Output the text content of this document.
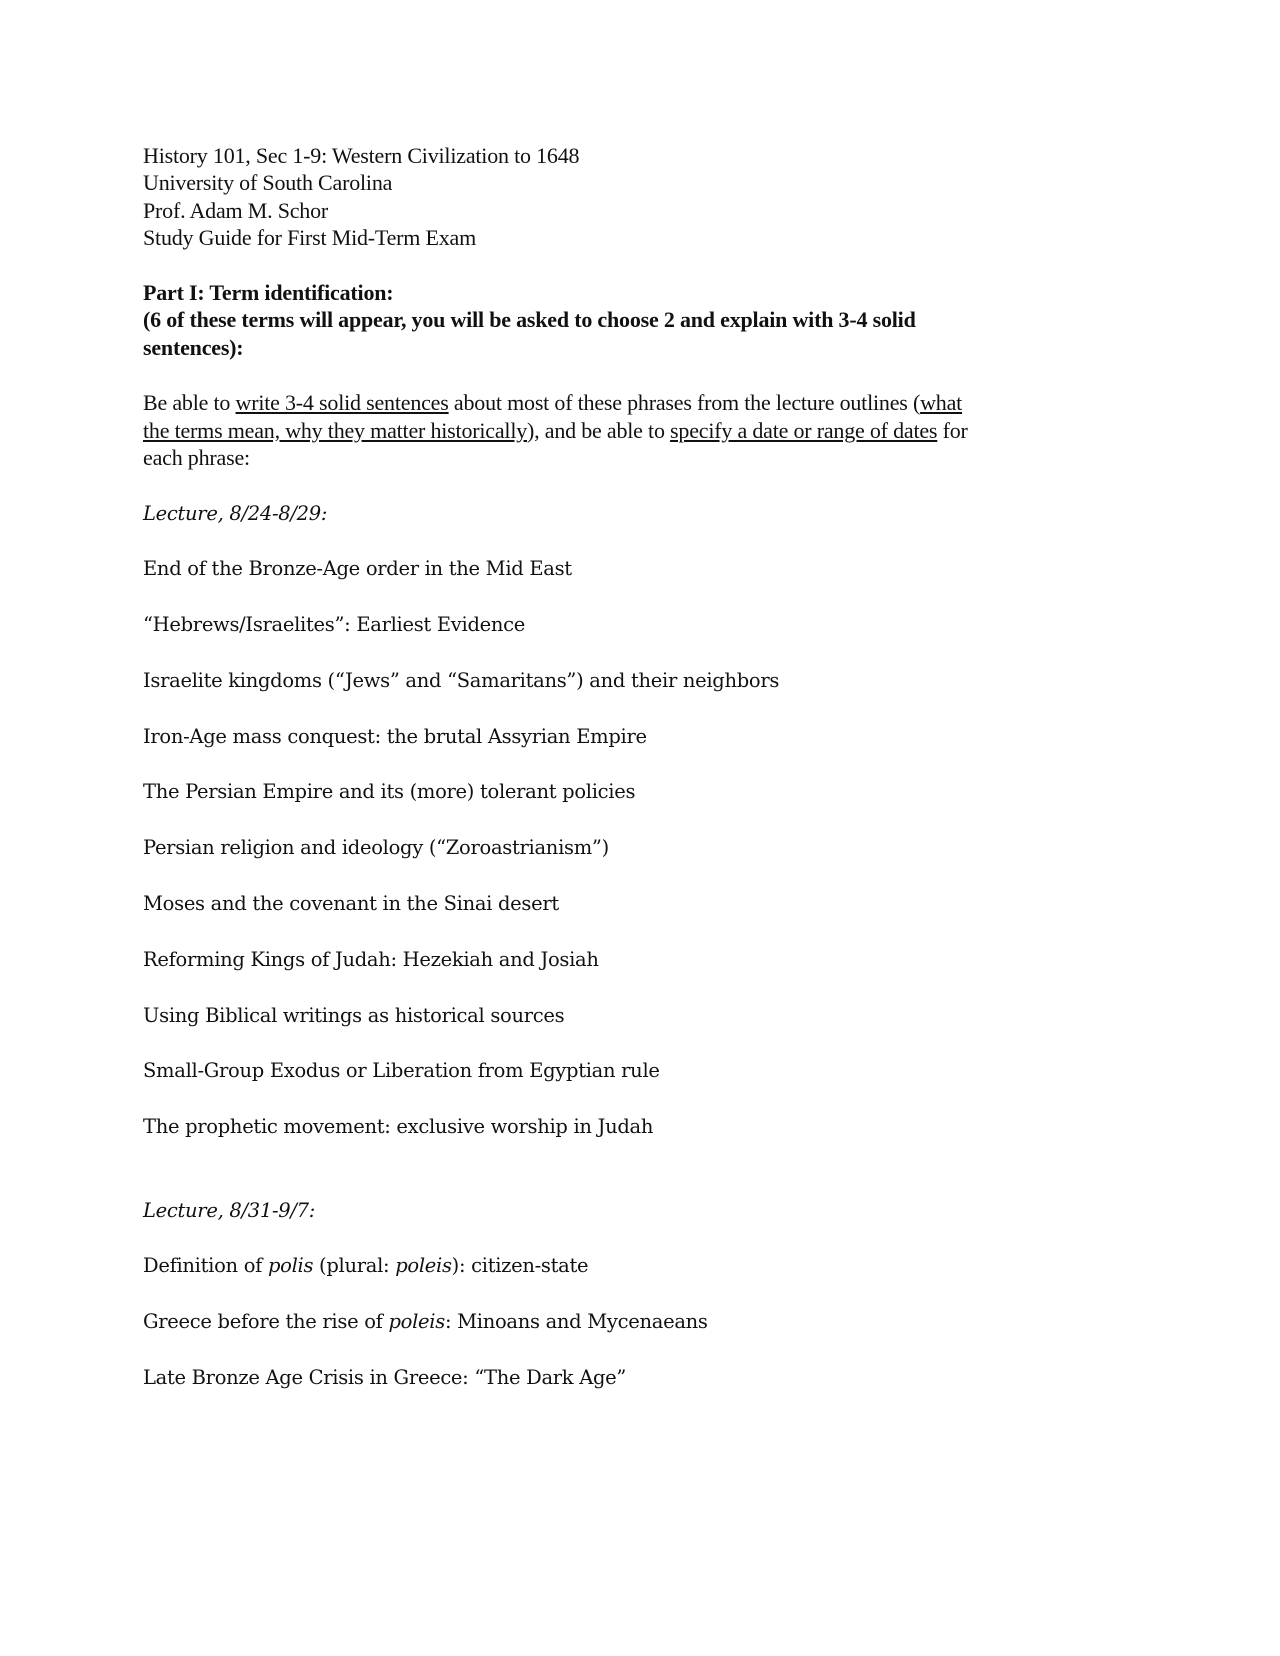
History 101, Sec 1-9: Western Civilization to 1648
University of South Carolina
Prof. Adam M. Schor
Study Guide for First Mid-Term Exam
Part I: Term identification:
(6 of these terms will appear, you will be asked to choose 2 and explain with 3-4 solid
sentences):
Be able to write 3-4 solid sentences about most of these phrases from the lecture outlines (what
the terms mean, why they matter historically), and be able to specify a date or range of dates for
each phrase:
Lecture, 8/24-8/29:
End of the Bronze-Age order in the Mid East
“Hebrews/Israelites”: Earliest Evidence
Israelite kingdoms (“Jews” and “Samaritans”) and their neighbors
Iron-Age mass conquest: the brutal Assyrian Empire
The Persian Empire and its (more) tolerant policies
Persian religion and ideology (“Zoroastrianism”)
Moses and the covenant in the Sinai desert
Reforming Kings of Judah: Hezekiah and Josiah
Using Biblical writings as historical sources
Small-Group Exodus or Liberation from Egyptian rule
The prophetic movement: exclusive worship in Judah
Lecture, 8/31-9/7:
Definition of polis (plural: poleis): citizen-state
Greece before the rise of poleis: Minoans and Mycenaeans
Late Bronze Age Crisis in Greece: “The Dark Age”
